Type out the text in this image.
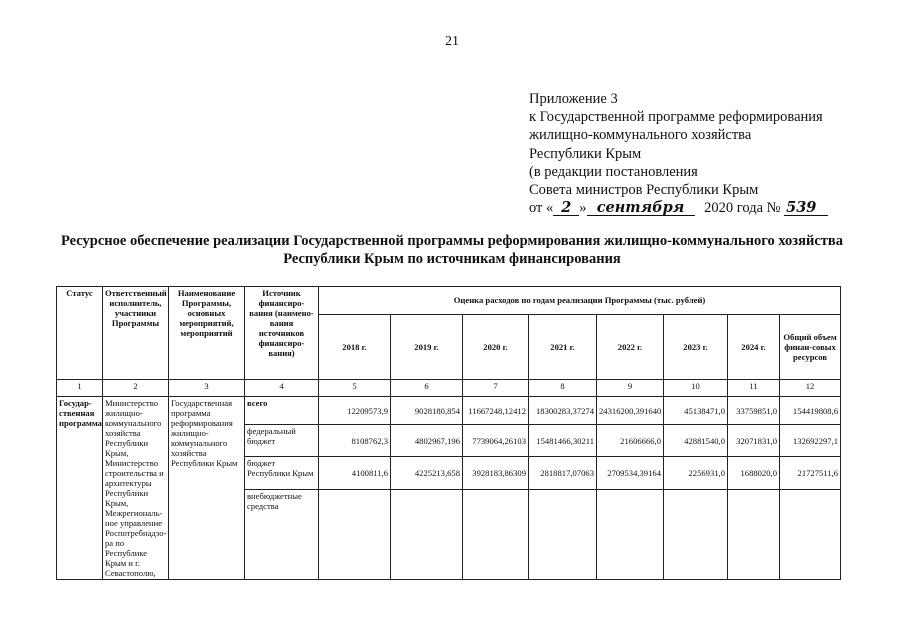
21
Приложение 3
к Государственной программе реформирования
жилищно-коммунального хозяйства
Республики Крым
(в редакции постановления
Совета министров Республики Крым
от « 2 » сентября 2020 года № 539
Ресурсное обеспечение реализации Государственной программы реформирования жилищно-коммунального хозяйства Республики Крым по источникам финансирования
Статус	Ответственный исполнитель, участники Программы	Наименование Программы, основных мероприятий, мероприятий	Источник финансиро-вания (наимено-вания источников финансиро-вания)	Оценка расходов по годам реализации Программы (тыс. рублей)							
				2018 г.	2019 г.	2020 г.	2021 г.	2022 г.	2023 г.	2024 г.	Общий объем финан-совых ресурсов
1	2	3	4	5	6	7	8	9	10	11	12
Государ-ственная программа	Министерство жилищно-коммунального хозяйства Республики Крым, Министерство строительства и архитектуры Республики Крым, Межрегиональ-ное управление Роспотребнадзо-ра по Республике Крым и г. Севастополю,	Государственная программа реформирования жилищно-коммунального хозяйства Республики Крым	всего	12209573,9	9028180,854	11667248,12412	18300283,37274	24316200,391640	45138471,0	33759851,0	154419808,6
			федеральный бюджет	8108762,3	4802967,196	7739064,26103	15481466,30211	21606666,0	42881540,0	32071831,0	132692297,1
			бюджет Республики Крым	4100811,6	4225213,658	3928183,86309	2818817,07063	2709534,39164	2256931,0	1688020,0	21727511,6
			внебюджетные средства								
